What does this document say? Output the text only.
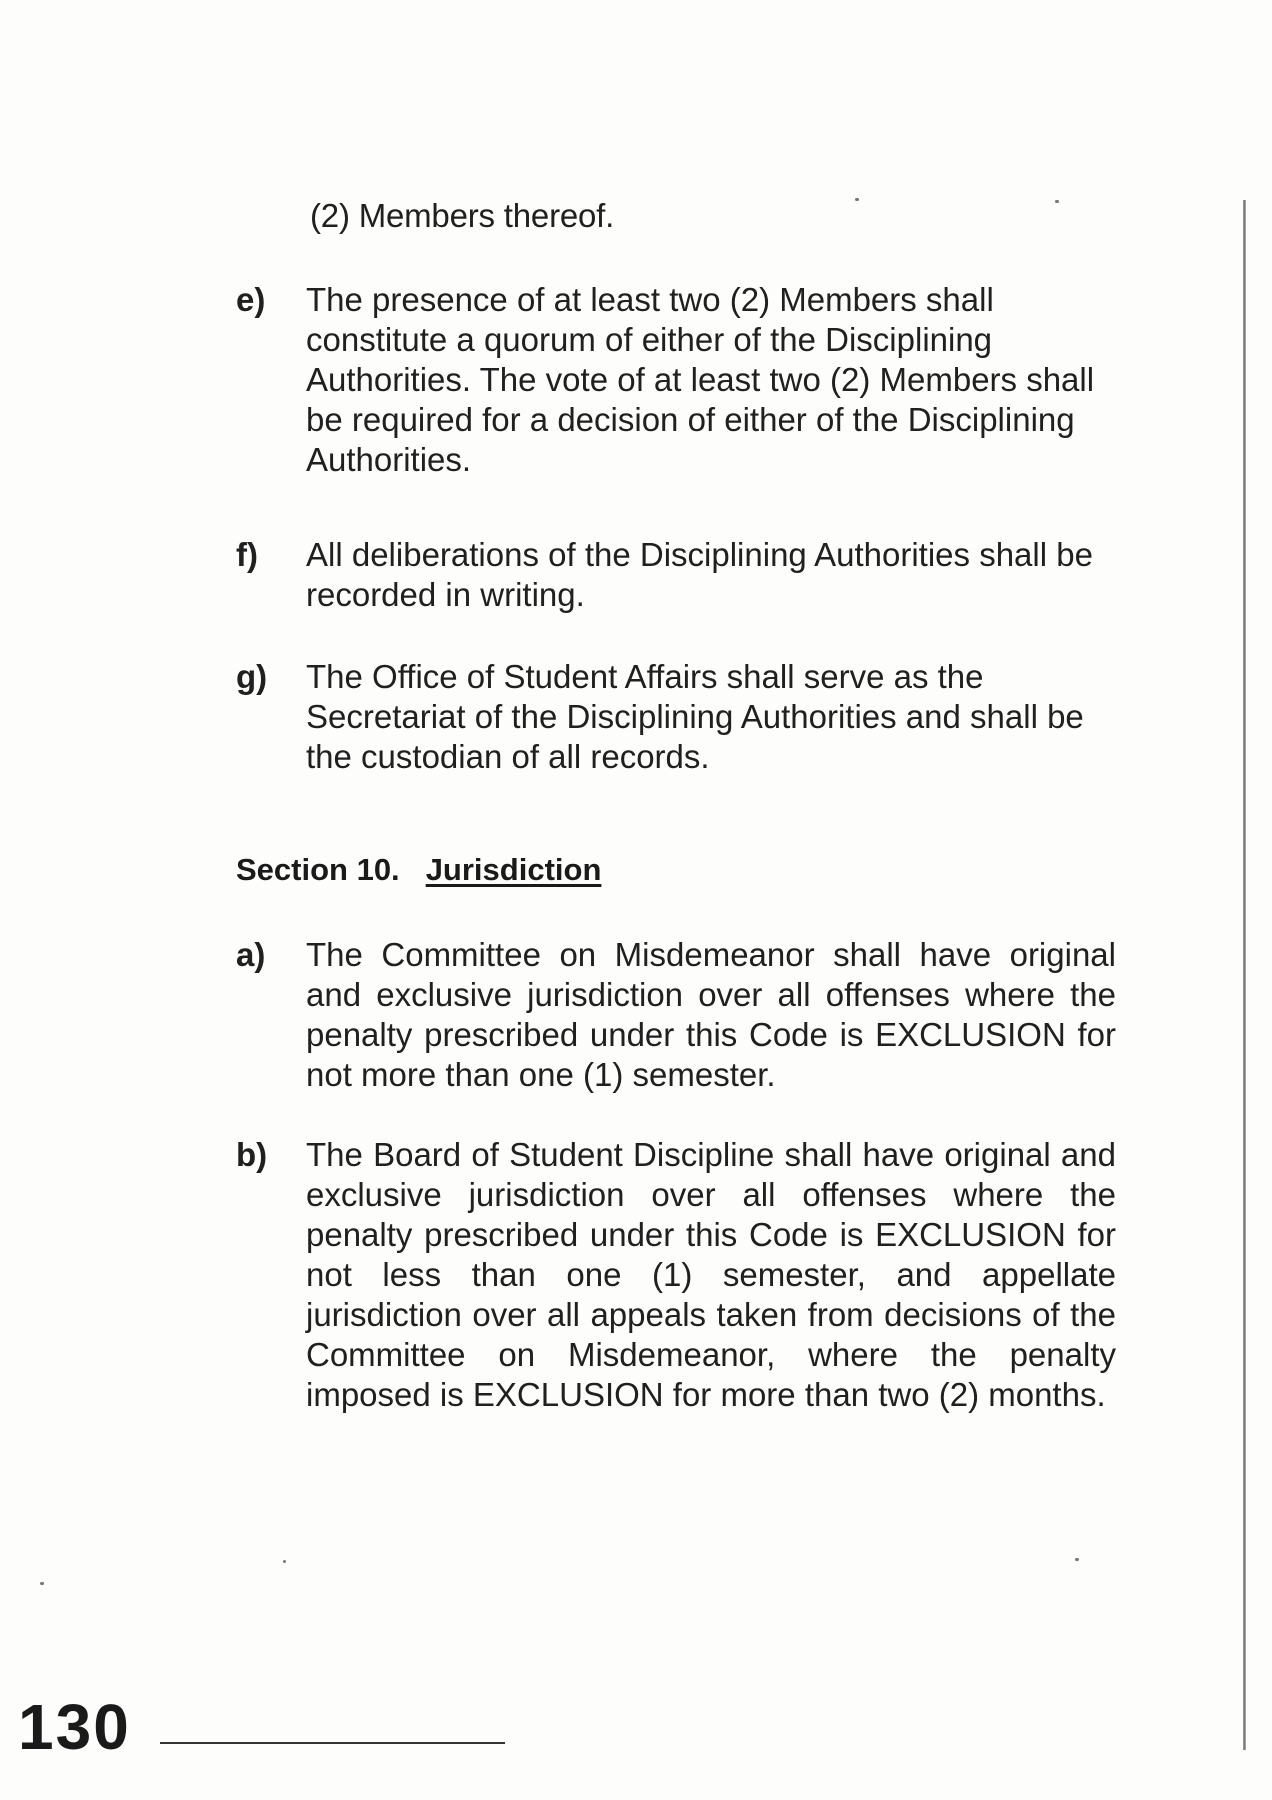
(2) Members thereof.
e)	The presence of at least two (2) Members shall constitute a quorum of either of the Disciplining Authorities. The vote of at least two (2) Members shall be required for a decision of either of the Disciplining Authorities.
f)	All deliberations of the Disciplining Authorities shall be recorded in writing.
g)	The Office of Student Affairs shall serve as the Secretariat of the Disciplining Authorities and shall be the custodian of all records.
Section 10. Jurisdiction
a)	The Committee on Misdemeanor shall have original and exclusive jurisdiction over all offenses where the penalty prescribed under this Code is EXCLUSION for not more than one (1) semester.
b)	The Board of Student Discipline shall have original and exclusive jurisdiction over all offenses where the penalty prescribed under this Code is EXCLUSION for not less than one (1) semester, and appellate jurisdiction over all appeals taken from decisions of the Committee on Misdemeanor, where the penalty imposed is EXCLUSION for more than two (2) months.
130
